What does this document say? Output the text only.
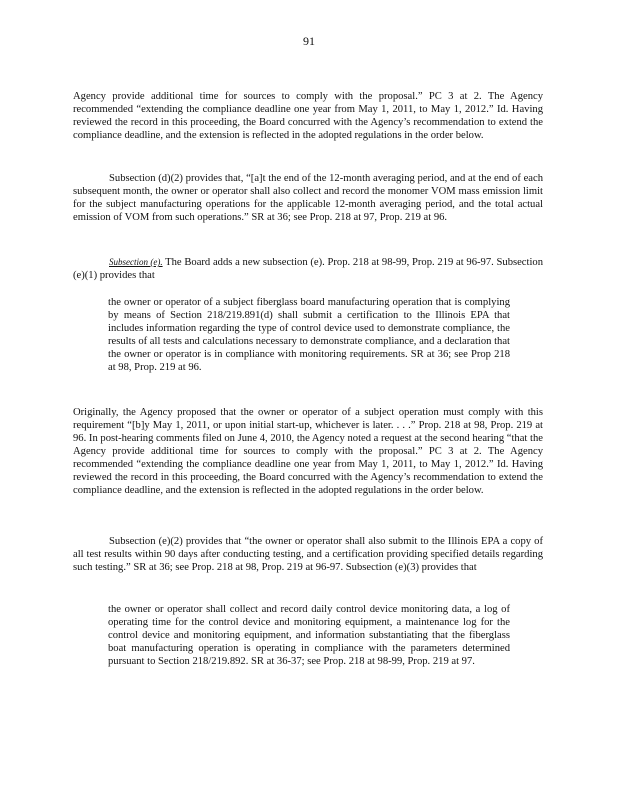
91

Agency provide additional time for sources to comply with the proposal.” PC 3 at 2. The Agency recommended “extending the compliance deadline one year from May 1, 2011, to May 1, 2012.” Id. Having reviewed the record in this proceeding, the Board concurred with the Agency’s recommendation to extend the compliance deadline, and the extension is reflected in the adopted regulations in the order below.

Subsection (d)(2) provides that, “[a]t the end of the 12-month averaging period, and at the end of each subsequent month, the owner or operator shall also collect and record the monomer VOM mass emission limit for the subject manufacturing operations for the applicable 12-month averaging period, and the total actual emission of VOM from such operations.” SR at 36; see Prop. 218 at 97, Prop. 219 at 96.

Subsection (e). The Board adds a new subsection (e). Prop. 218 at 98-99, Prop. 219 at 96-97. Subsection (e)(1) provides that

the owner or operator of a subject fiberglass board manufacturing operation that is complying by means of Section 218/219.891(d) shall submit a certification to the Illinois EPA that includes information regarding the type of control device used to demonstrate compliance, the results of all tests and calculations necessary to demonstrate compliance, and a declaration that the owner or operator is in compliance with monitoring requirements. SR at 36; see Prop 218 at 98, Prop. 219 at 96.

Originally, the Agency proposed that the owner or operator of a subject operation must comply with this requirement “[b]y May 1, 2011, or upon initial start-up, whichever is later. . . .” Prop. 218 at 98, Prop. 219 at 96. In post-hearing comments filed on June 4, 2010, the Agency noted a request at the second hearing “that the Agency provide additional time for sources to comply with the proposal.” PC 3 at 2. The Agency recommended “extending the compliance deadline one year from May 1, 2011, to May 1, 2012.” Id. Having reviewed the record in this proceeding, the Board concurred with the Agency’s recommendation to extend the compliance deadline, and the extension is reflected in the adopted regulations in the order below.

Subsection (e)(2) provides that “the owner or operator shall also submit to the Illinois EPA a copy of all test results within 90 days after conducting testing, and a certification providing specified details regarding such testing.” SR at 36; see Prop. 218 at 98, Prop. 219 at 96-97. Subsection (e)(3) provides that

the owner or operator shall collect and record daily control device monitoring data, a log of operating time for the control device and monitoring equipment, a maintenance log for the control device and monitoring equipment, and information substantiating that the fiberglass boat manufacturing operation is operating in compliance with the parameters determined pursuant to Section 218/219.892. SR at 36-37; see Prop. 218 at 98-99, Prop. 219 at 97.
